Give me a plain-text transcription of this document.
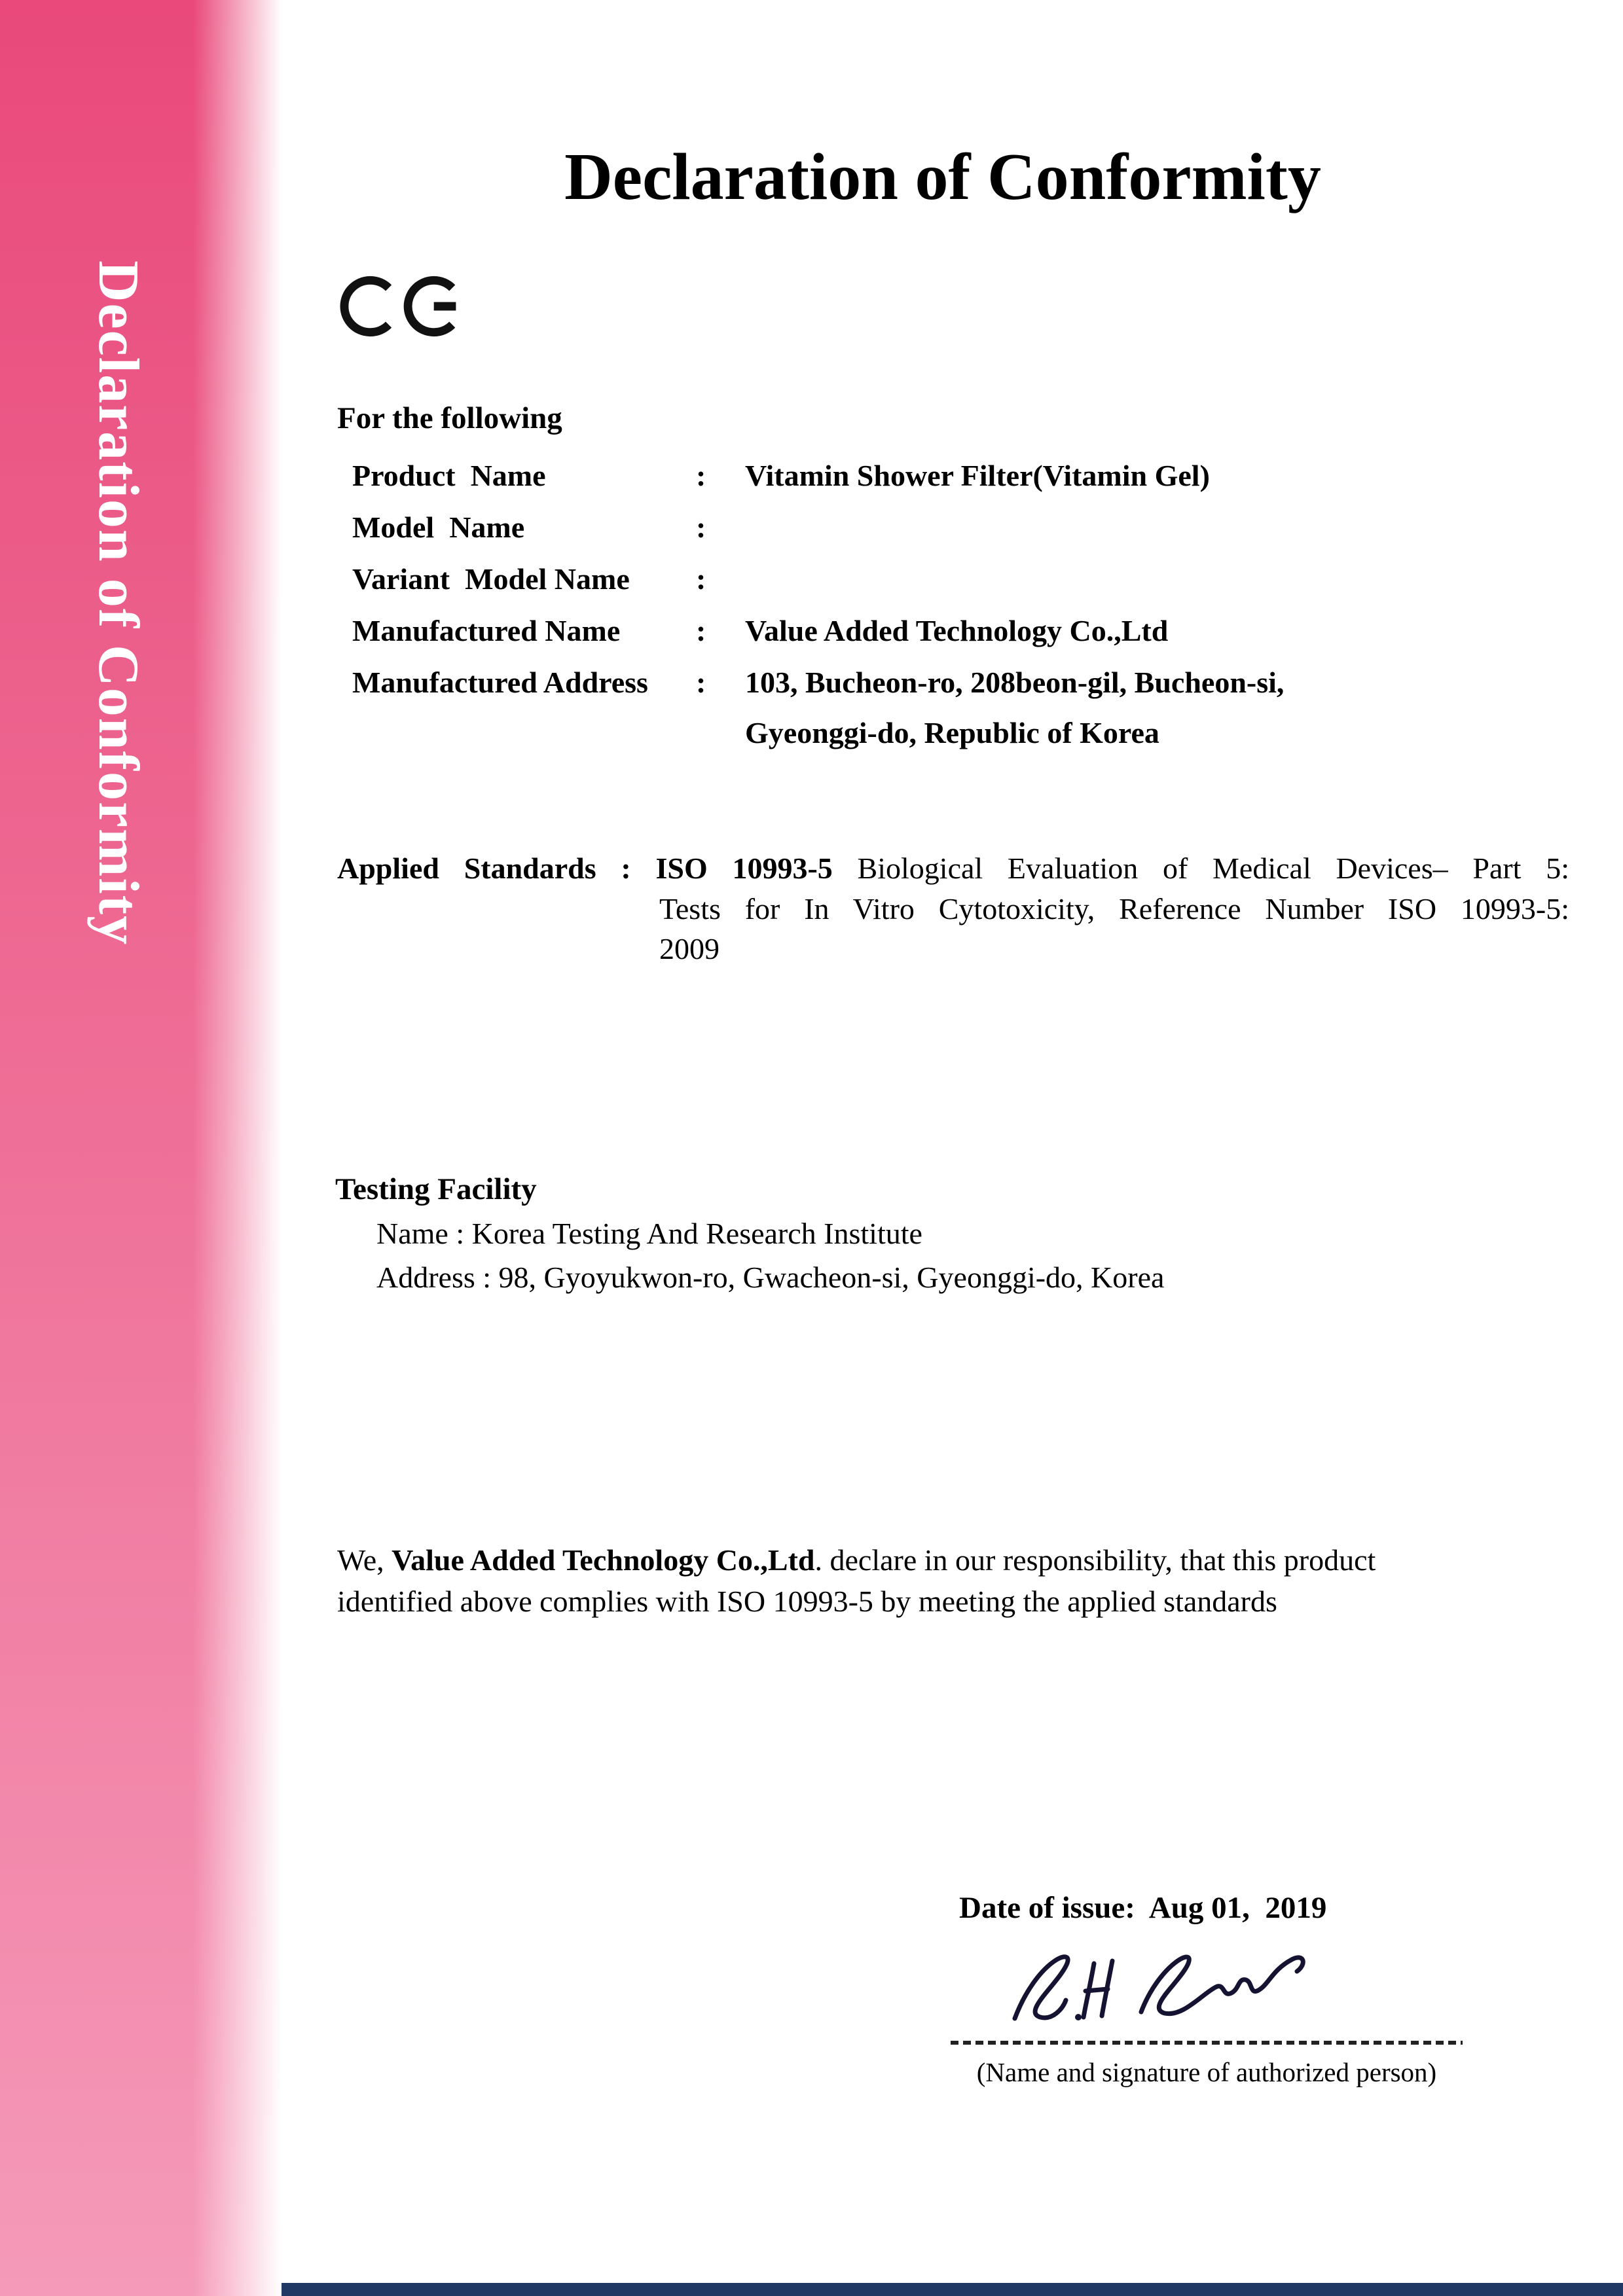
Declaration of Conformity
Declaration of Conformity
For the following
Product  Name	:	Vitamin Shower Filter(Vitamin Gel)
Model  Name	:
Variant  Model Name	:
Manufactured Name	:	Value Added Technology Co.,Ltd
Manufactured Address	:	103, Bucheon-ro, 208beon-gil, Bucheon-si,
Gyeonggi-do, Republic of Korea
Applied Standards : ISO 10993-5 Biological Evaluation of Medical Devices– Part 5:
Tests for In Vitro Cytotoxicity, Reference Number ISO 10993-5:
2009
Testing Facility
Name : Korea Testing And Research Institute
Address : 98, Gyoyukwon-ro, Gwacheon-si, Gyeonggi-do, Korea
We, Value Added Technology Co.,Ltd. declare in our responsibility, that this product identified above complies with ISO 10993-5 by meeting the applied standards
Date of issue:  Aug 01,  2019
(Name and signature of authorized person)
